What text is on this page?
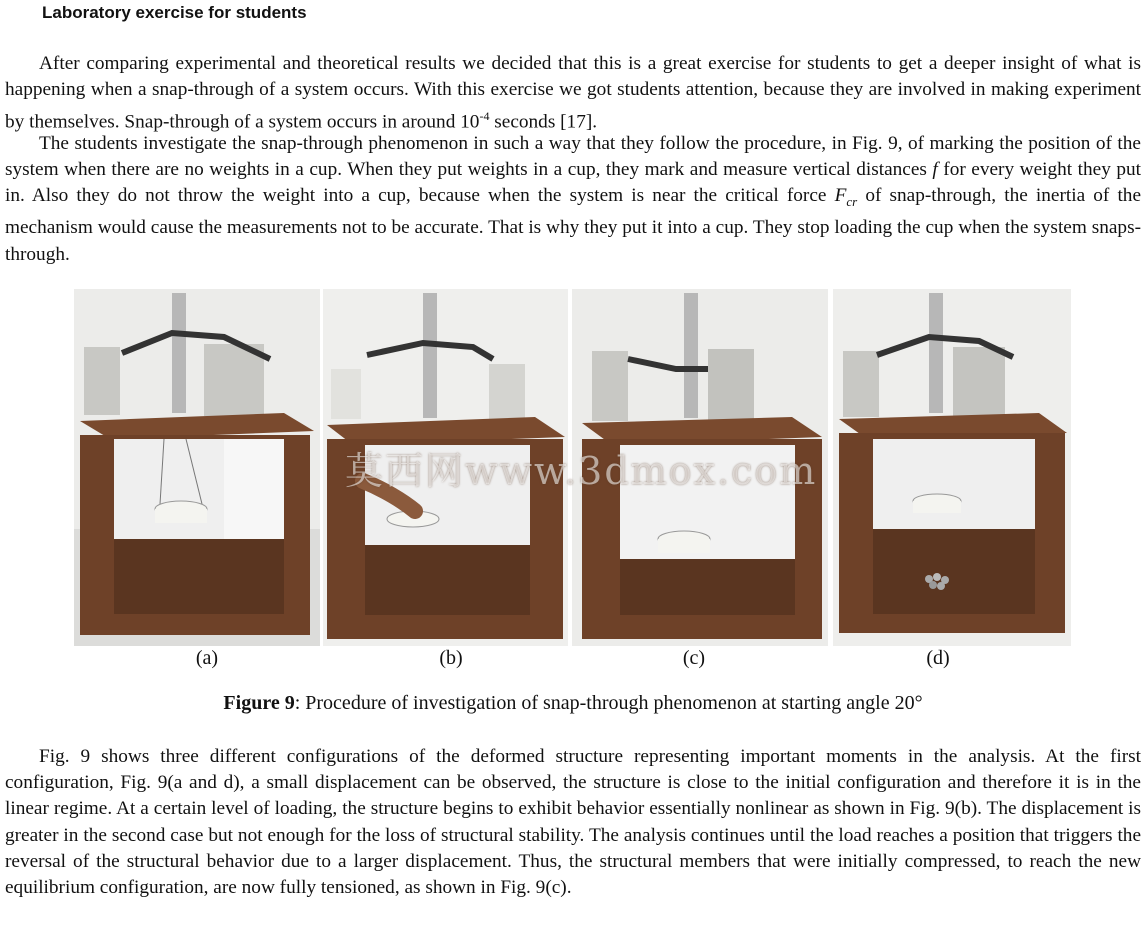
Laboratory exercise for students

After comparing experimental and theoretical results we decided that this is a great exercise for students to get a deeper insight of what is happening when a snap-through of a system occurs. With this exercise we got students attention, because they are involved in making experiment by themselves. Snap-through of a system occurs in around $10^{-4}$ seconds [17].

The students investigate the snap-through phenomenon in such a way that they follow the procedure, in Fig. 9, of marking the position of the system when there are no weights in a cup. When they put weights in a cup, they mark and measure vertical distances f for every weight they put in. Also they do not throw the weight into a cup, because when the system is near the critical force $F_{cr}$ of snap-through, the inertia of the mechanism would cause the measurements not to be accurate. That is why they put it into a cup. They stop loading the cup when the system snaps-through.

莫西网www.3dmox.com
(a)	(b)	(c)	(d)
Figure 9: Procedure of investigation of snap-through phenomenon at starting angle 20°

Fig. 9 shows three different configurations of the deformed structure representing important moments in the analysis. At the first configuration, Fig. 9(a and d), a small displacement can be observed, the structure is close to the initial configuration and therefore it is in the linear regime. At a certain level of loading, the structure begins to exhibit behavior essentially nonlinear as shown in Fig. 9(b). The displacement is greater in the second case but not enough for the loss of structural stability. The analysis continues until the load reaches a position that triggers the reversal of the structural behavior due to a larger displacement. Thus, the structural members that were initially compressed, to reach the new equilibrium configuration, are now fully tensioned, as shown in Fig. 9(c).
